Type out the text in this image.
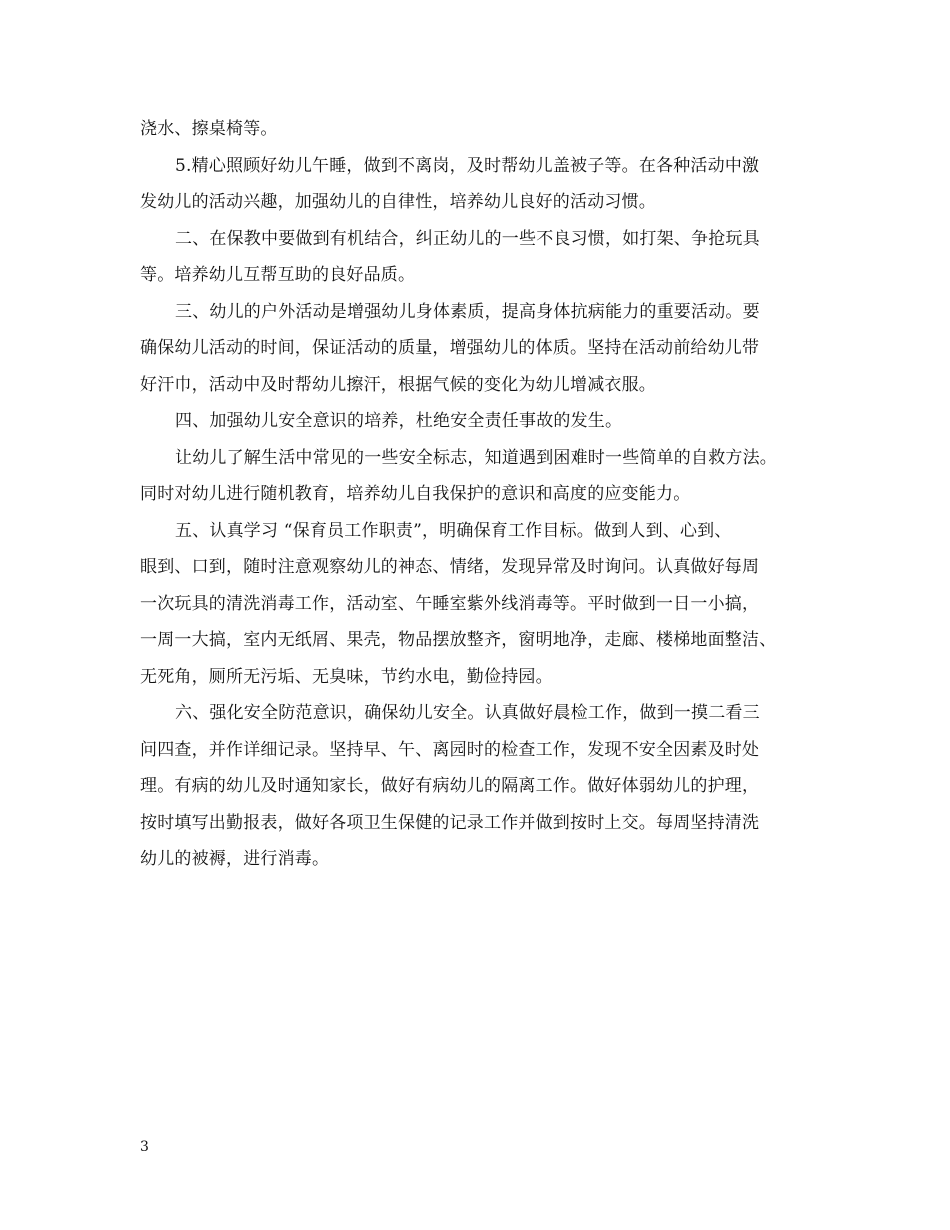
浇水、擦桌椅等。
5.精心照顾好幼儿午睡，做到不离岗，及时帮幼儿盖被子等。在各种活动中激
发幼儿的活动兴趣，加强幼儿的自律性，培养幼儿良好的活动习惯。
二、在保教中要做到有机结合，纠正幼儿的一些不良习惯，如打架、争抢玩具
等。培养幼儿互帮互助的良好品质。
三、幼儿的户外活动是增强幼儿身体素质，提高身体抗病能力的重要活动。要
确保幼儿活动的时间，保证活动的质量，增强幼儿的体质。坚持在活动前给幼儿带
好汗巾，活动中及时帮幼儿擦汗，根据气候的变化为幼儿增减衣服。
四、加强幼儿安全意识的培养，杜绝安全责任事故的发生。
让幼儿了解生活中常见的一些安全标志，知道遇到困难时一些简单的自救方法。
同时对幼儿进行随机教育，培养幼儿自我保护的意识和高度的应变能力。
五、认真学习 “保育员工作职责”，明确保育工作目标。做到人到、心到、
眼到、口到，随时注意观察幼儿的神态、情绪，发现异常及时询问。认真做好每周
一次玩具的清洗消毒工作，活动室、午睡室紫外线消毒等。平时做到一日一小搞，
一周一大搞，室内无纸屑、果壳，物品摆放整齐，窗明地净，走廊、楼梯地面整洁、
无死角，厕所无污垢、无臭味，节约水电，勤俭持园。
六、强化安全防范意识，确保幼儿安全。认真做好晨检工作，做到一摸二看三
问四查，并作详细记录。坚持早、午、离园时的检查工作，发现不安全因素及时处
理。有病的幼儿及时通知家长，做好有病幼儿的隔离工作。做好体弱幼儿的护理，
按时填写出勤报表，做好各项卫生保健的记录工作并做到按时上交。每周坚持清洗
幼儿的被褥，进行消毒。
3
